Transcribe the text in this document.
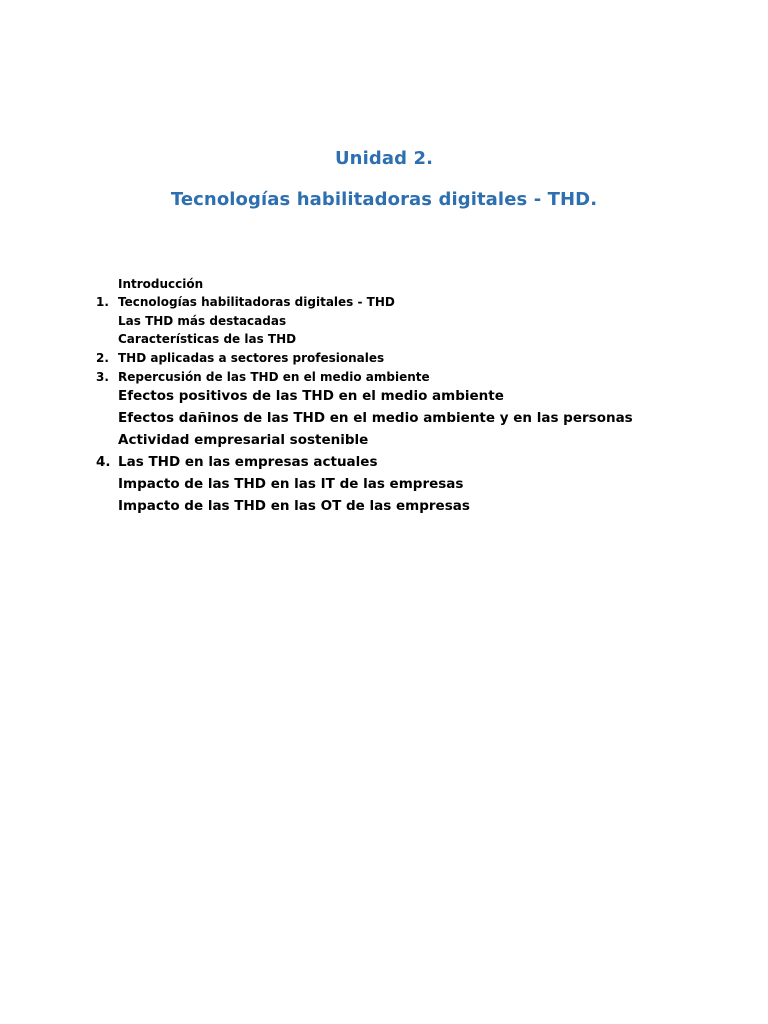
Unidad 2.
Tecnologías habilitadoras digitales - THD.
Introducción
1. Tecnologías habilitadoras digitales - THD
Las THD más destacadas
Características de las THD
2. THD aplicadas a sectores profesionales
3. Repercusión de las THD en el medio ambiente
Efectos positivos de las THD en el medio ambiente
Efectos dañinos de las THD en el medio ambiente y en las personas
Actividad empresarial sostenible
4. Las THD en las empresas actuales
Impacto de las THD en las IT de las empresas
Impacto de las THD en las OT de las empresas
